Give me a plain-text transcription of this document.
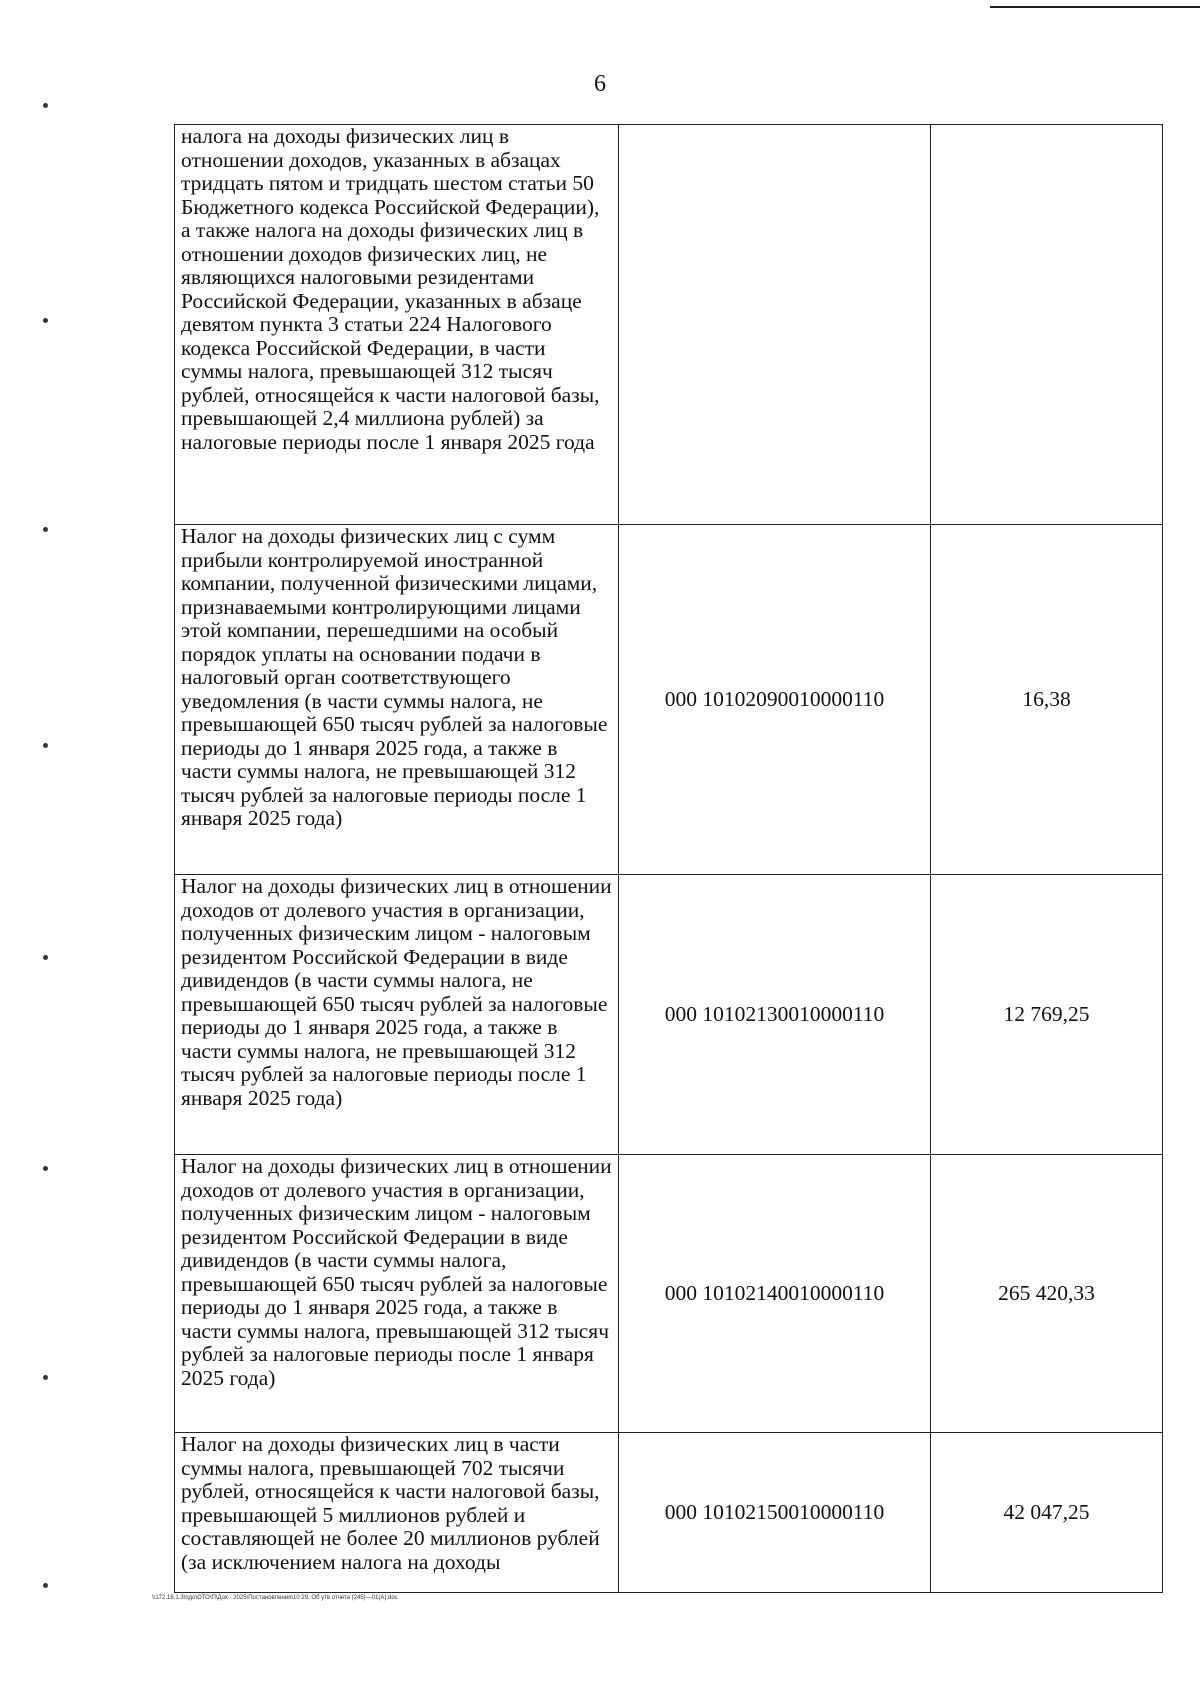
6
налога на доходы физических лиц в отношении доходов, указанных в абзацах тридцать пятом и тридцать шестом статьи 50 Бюджетного кодекса Российской Федерации), а также налога на доходы физических лиц в отношении доходов физических лиц, не являющихся налоговыми резидентами Российской Федерации, указанных в абзаце девятом пункта 3 статьи 224 Налогового кодекса Российской Федерации, в части суммы налога, превышающей 312 тысяч рублей, относящейся к части налоговой базы, превышающей 2,4 миллиона рублей) за налоговые периоды после 1 января 2025 года		
Налог на доходы физических лиц с сумм прибыли контролируемой иностранной компании, полученной физическими лицами, признаваемыми контролирующими лицами этой компании, перешедшими на особый порядок уплаты на основании подачи в налоговый орган соответствующего уведомления (в части суммы налога, не превышающей 650 тысяч рублей за налоговые периоды до 1 января 2025 года, а также в части суммы налога, не превышающей 312 тысяч рублей за налоговые периоды после 1 января 2025 года)	000 10102090010000110	16,38
Налог на доходы физических лиц в отношении доходов от долевого участия в организации, полученных физическим лицом - налоговым резидентом Российской Федерации в виде дивидендов (в части суммы налога, не превышающей 650 тысяч рублей за налоговые периоды до 1 января 2025 года, а также в части суммы налога, не превышающей 312 тысяч рублей за налоговые периоды после 1 января 2025 года)	000 10102130010000110	12 769,25
Налог на доходы физических лиц в отношении доходов от долевого участия в организации, полученных физическим лицом - налоговым резидентом Российской Федерации в виде дивидендов (в части суммы налога, превышающей 650 тысяч рублей за налоговые периоды до 1 января 2025 года, а также в части суммы налога, превышающей 312 тысяч рублей за налоговые периоды после 1 января 2025 года)	000 10102140010000110	265 420,33
Налог на доходы физических лиц в части суммы налога, превышающей 702 тысячи рублей, относящейся к части налоговой базы, превышающей 5 миллионов рублей и составляющей не более 20 миллионов рублей (за исключением налога на доходы	000 10102150010000110	42 047,25
\\172.16.1.3\пдо\ОТО\П\Дох - 2025\Постановления\10 29. Об утв отчета (245)—01(А).doc
